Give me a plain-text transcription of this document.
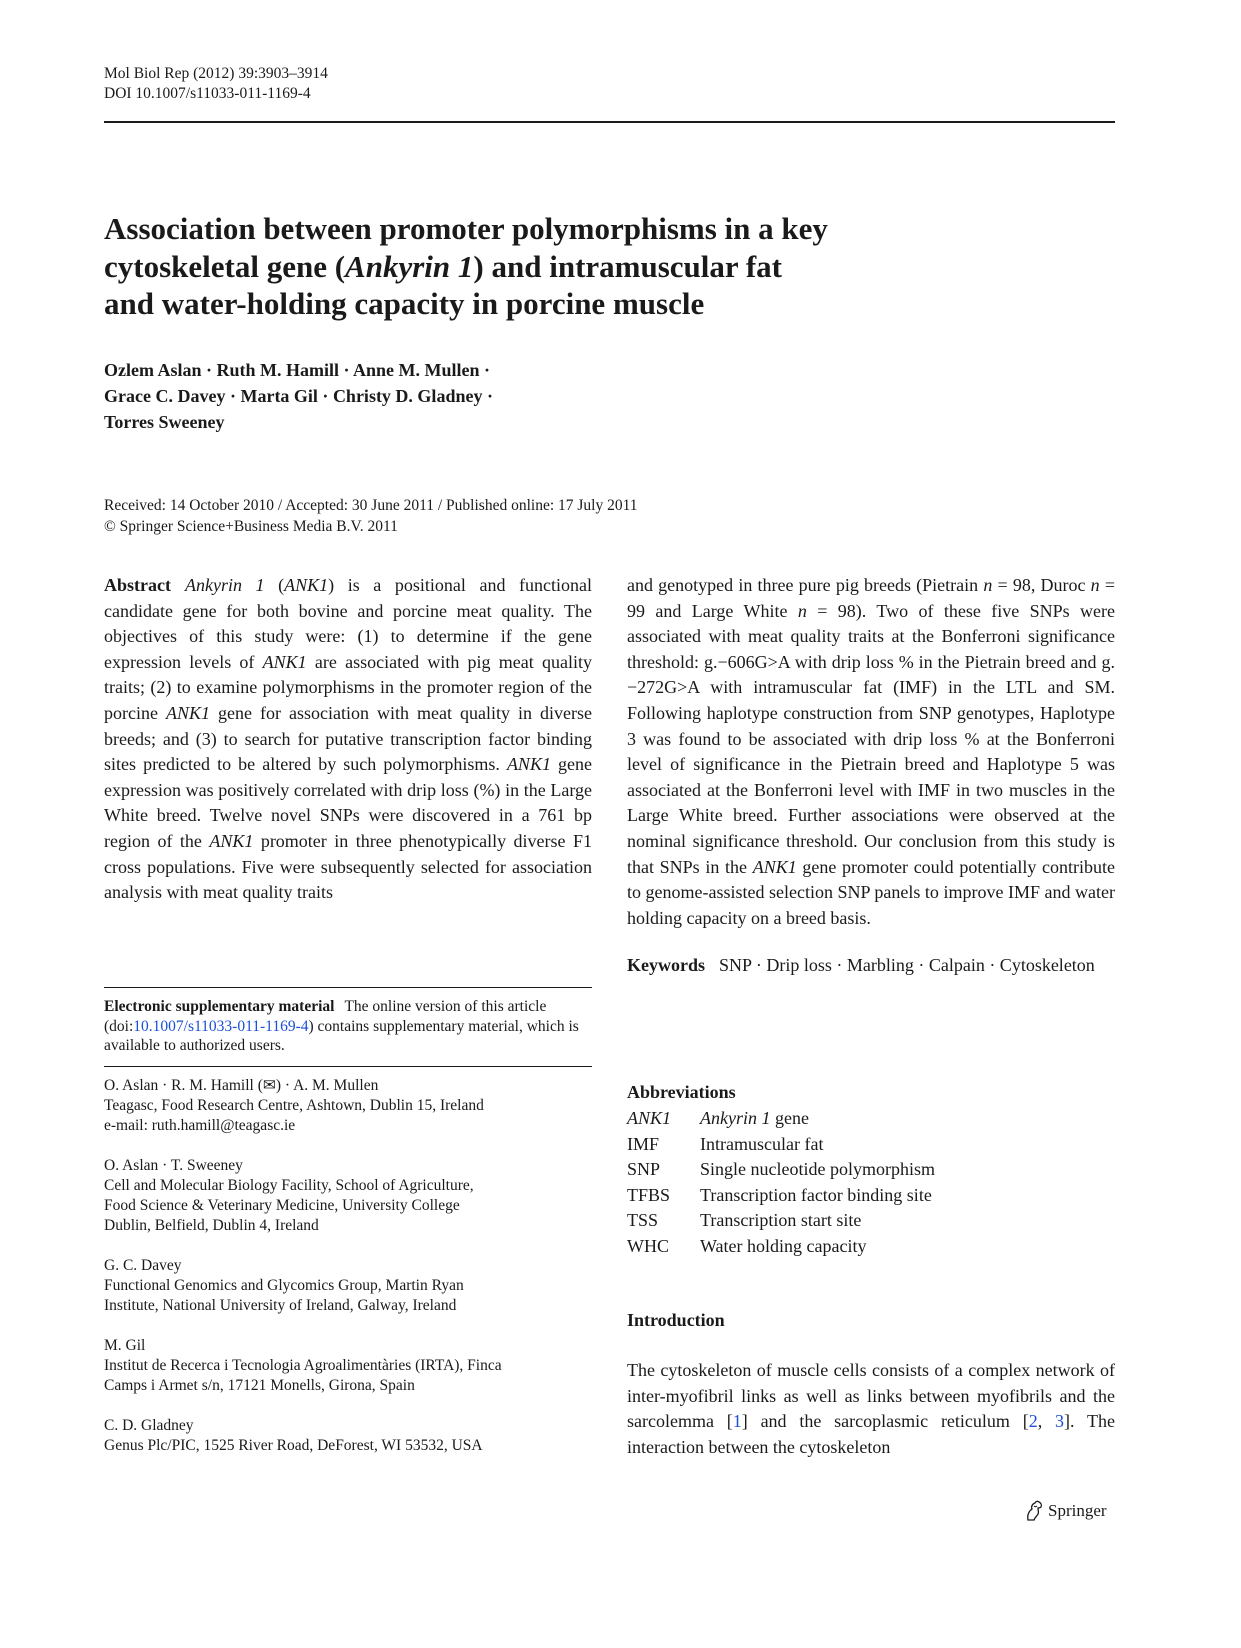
Mol Biol Rep (2012) 39:3903–3914
DOI 10.1007/s11033-011-1169-4
Association between promoter polymorphisms in a key
cytoskeletal gene (Ankyrin 1) and intramuscular fat
and water-holding capacity in porcine muscle
Ozlem Aslan · Ruth M. Hamill · Anne M. Mullen ·
Grace C. Davey · Marta Gil · Christy D. Gladney ·
Torres Sweeney
Received: 14 October 2010 / Accepted: 30 June 2011 / Published online: 17 July 2011
© Springer Science+Business Media B.V. 2011
Abstract Ankyrin 1 (ANK1) is a positional and functional candidate gene for both bovine and porcine meat quality. The objectives of this study were: (1) to determine if the gene expression levels of ANK1 are associated with pig meat quality traits; (2) to examine polymorphisms in the promoter region of the porcine ANK1 gene for association with meat quality in diverse breeds; and (3) to search for putative transcription factor binding sites predicted to be altered by such polymorphisms. ANK1 gene expression was positively correlated with drip loss (%) in the Large White breed. Twelve novel SNPs were discovered in a 761 bp region of the ANK1 promoter in three phenotypically diverse F1 cross populations. Five were subsequently selected for association analysis with meat quality traits
Electronic supplementary material The online version of this article (doi:10.1007/s11033-011-1169-4) contains supplementary material, which is available to authorized users.
O. Aslan · R. M. Hamill (✉) · A. M. Mullen
Teagasc, Food Research Centre, Ashtown, Dublin 15, Ireland
e-mail: ruth.hamill@teagasc.ie
O. Aslan · T. Sweeney
Cell and Molecular Biology Facility, School of Agriculture,
Food Science & Veterinary Medicine, University College
Dublin, Belfield, Dublin 4, Ireland
G. C. Davey
Functional Genomics and Glycomics Group, Martin Ryan
Institute, National University of Ireland, Galway, Ireland
M. Gil
Institut de Recerca i Tecnologia Agroalimentàries (IRTA), Finca
Camps i Armet s/n, 17121 Monells, Girona, Spain
C. D. Gladney
Genus Plc/PIC, 1525 River Road, DeForest, WI 53532, USA
and genotyped in three pure pig breeds (Pietrain n = 98, Duroc n = 99 and Large White n = 98). Two of these five SNPs were associated with meat quality traits at the Bonferroni significance threshold: g.−606G>A with drip loss % in the Pietrain breed and g.−272G>A with intramuscular fat (IMF) in the LTL and SM. Following haplotype construction from SNP genotypes, Haplotype 3 was found to be associated with drip loss % at the Bonferroni level of significance in the Pietrain breed and Haplotype 5 was associated at the Bonferroni level with IMF in two muscles in the Large White breed. Further associations were observed at the nominal significance threshold. Our conclusion from this study is that SNPs in the ANK1 gene promoter could potentially contribute to genome-assisted selection SNP panels to improve IMF and water holding capacity on a breed basis.
Keywords SNP · Drip loss · Marbling · Calpain · Cytoskeleton
Abbreviations
ANK1	Ankyrin 1 gene
IMF	Intramuscular fat
SNP	Single nucleotide polymorphism
TFBS	Transcription factor binding site
TSS	Transcription start site
WHC	Water holding capacity
Introduction
The cytoskeleton of muscle cells consists of a complex network of inter-myofibril links as well as links between myofibrils and the sarcolemma [1] and the sarcoplasmic reticulum [2, 3]. The interaction between the cytoskeleton
Springer
